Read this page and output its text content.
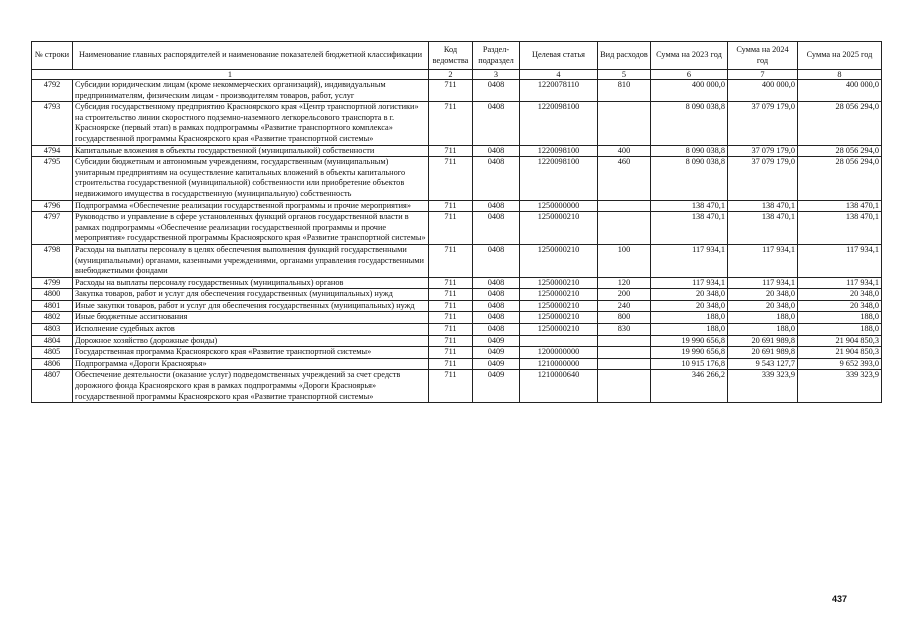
№ строки	Наименование главных распорядителей и наименование показателей бюджетной классификации	Код ведомства	Раздел-подраздел	Целевая статья	Вид расходов	Сумма на 2023 год	Сумма на 2024 год	Сумма на 2025 год
1		2	3	4	5	6	7	8
4792	Субсидии юридическим лицам (кроме некоммерческих организаций), индивидуальным предпринимателям, физическим лицам - производителям товаров, работ, услуг	711	0408	1220078110	810	400 000,0	400 000,0	400 000,0
4793	Субсидия государственному предприятию Красноярского края «Центр транспортной логистики» на строительство линии скоростного подземно-наземного легкорельсового транспорта в г. Красноярске (первый этап) в рамках подпрограммы «Развитие транспортного комплекса» государственной программы Красноярского края «Развитие транспортной системы»	711	0408	1220098100		8 090 038,8	37 079 179,0	28 056 294,0
4794	Капитальные вложения в объекты государственной (муниципальной) собственности	711	0408	1220098100	400	8 090 038,8	37 079 179,0	28 056 294,0
4795	Субсидии бюджетным и автономным учреждениям, государственным (муниципальным) унитарным предприятиям на осуществление капитальных вложений в объекты капитального строительства государственной (муниципальной) собственности или приобретение объектов недвижимого имущества в государственную (муниципальную) собственность	711	0408	1220098100	460	8 090 038,8	37 079 179,0	28 056 294,0
4796	Подпрограмма «Обеспечение реализации государственной программы и прочие мероприятия»	711	0408	1250000000		138 470,1	138 470,1	138 470,1
4797	Руководство и управление в сфере установленных функций органов государственной власти в рамках подпрограммы «Обеспечение реализации государственной программы и прочие мероприятия» государственной программы Красноярского края «Развитие транспортной системы»	711	0408	1250000210		138 470,1	138 470,1	138 470,1
4798	Расходы на выплаты персоналу в целях обеспечения выполнения функций государственными (муниципальными) органами, казенными учреждениями, органами управления государственными внебюджетными фондами	711	0408	1250000210	100	117 934,1	117 934,1	117 934,1
4799	Расходы на выплаты персоналу государственных (муниципальных) органов	711	0408	1250000210	120	117 934,1	117 934,1	117 934,1
4800	Закупка товаров, работ и услуг для обеспечения государственных (муниципальных) нужд	711	0408	1250000210	200	20 348,0	20 348,0	20 348,0
4801	Иные закупки товаров, работ и услуг для обеспечения государственных (муниципальных) нужд	711	0408	1250000210	240	20 348,0	20 348,0	20 348,0
4802	Иные бюджетные ассигнования	711	0408	1250000210	800	188,0	188,0	188,0
4803	Исполнение судебных актов	711	0408	1250000210	830	188,0	188,0	188,0
4804	Дорожное хозяйство (дорожные фонды)	711	0409			19 990 656,8	20 691 989,8	21 904 850,3
4805	Государственная программа Красноярского края «Развитие транспортной системы»	711	0409	1200000000		19 990 656,8	20 691 989,8	21 904 850,3
4806	Подпрограмма «Дороги Красноярья»	711	0409	1210000000		10 915 176,8	9 543 127,7	9 652 393,0
4807	Обеспечение деятельности (оказание услуг) подведомственных учреждений за счет средств дорожного фонда Красноярского края в рамках подпрограммы «Дороги Красноярья» государственной программы Красноярского края «Развитие транспортной системы»	711	0409	1210000640		346 266,2	339 323,9	339 323,9
437
